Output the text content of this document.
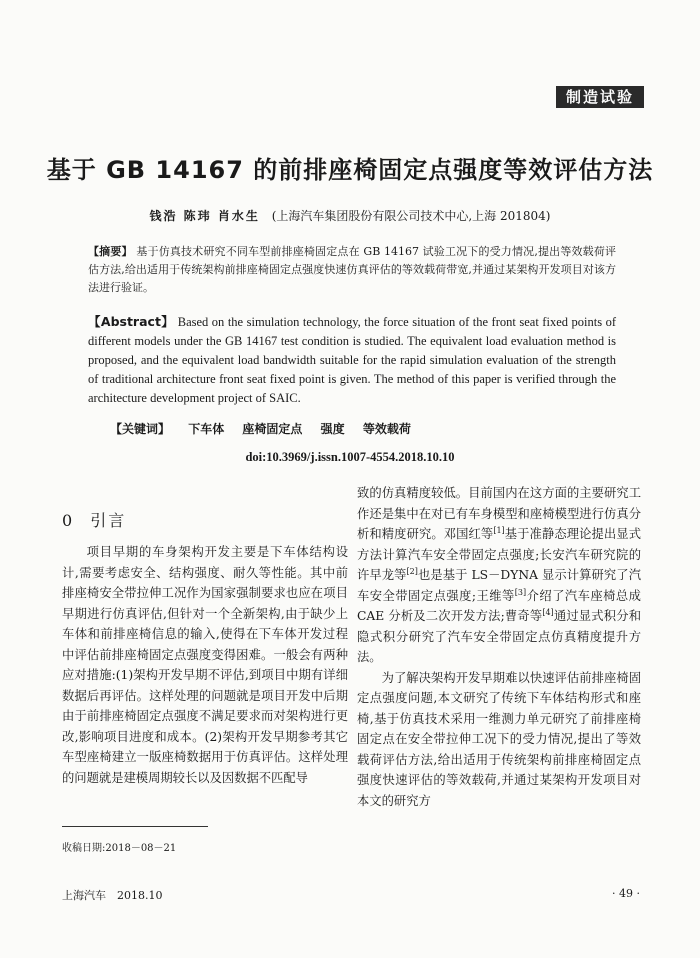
制造试验
基于 GB 14167 的前排座椅固定点强度等效评估方法
钱浩 陈玮 肖水生 (上海汽车集团股份有限公司技术中心,上海 201804)
【摘要】 基于仿真技术研究不同车型前排座椅固定点在 GB 14167 试验工况下的受力情况,提出等效载荷评估方法,给出适用于传统架构前排座椅固定点强度快速仿真评估的等效载荷带宽,并通过某架构开发项目对该方法进行验证。
【Abstract】 Based on the simulation technology, the force situation of the front seat fixed points of different models under the GB 14167 test condition is studied. The equivalent load evaluation method is proposed, and the equivalent load bandwidth suitable for the rapid simulation evaluation of the strength of traditional architecture front seat fixed point is given. The method of this paper is verified through the architecture development project of SAIC.
【关键词】 下车体 座椅固定点 强度 等效载荷
doi:10.3969/j.issn.1007-4554.2018.10.10
0 引言

项目早期的车身架构开发主要是下车体结构设计,需要考虑安全、结构强度、耐久等性能。其中前排座椅安全带拉伸工况作为国家强制要求也应在项目早期进行仿真评估,但针对一个全新架构,由于缺少上车体和前排座椅信息的输入,使得在下车体开发过程中评估前排座椅固定点强度变得困难。一般会有两种应对措施:(1)架构开发早期不评估,到项目中期有详细数据后再评估。这样处理的问题就是项目开发中后期由于前排座椅固定点强度不满足要求而对架构进行更改,影响项目进度和成本。(2)架构开发早期参考其它车型座椅建立一版座椅数据用于仿真评估。这样处理的问题就是建模周期较长以及因数据不匹配导

致的仿真精度较低。目前国内在这方面的主要研究工作还是集中在对已有车身模型和座椅模型进行仿真分析和精度研究。邓国红等[1]基于准静态理论提出显式方法计算汽车安全带固定点强度;长安汽车研究院的许早龙等[2]也是基于 LS－DYNA 显示计算研究了汽车安全带固定点强度;王维等[3]介绍了汽车座椅总成 CAE 分析及二次开发方法;曹奇等[4]通过显式积分和隐式积分研究了汽车安全带固定点仿真精度提升方法。

为了解决架构开发早期难以快速评估前排座椅固定点强度问题,本文研究了传统下车体结构形式和座椅,基于仿真技术采用一维测力单元研究了前排座椅固定点在安全带拉伸工况下的受力情况,提出了等效载荷评估方法,给出适用于传统架构前排座椅固定点强度快速评估的等效载荷,并通过某架构开发项目对本文的研究方

收稿日期:2018－08－21
上海汽车　2018.10	· 49 ·
